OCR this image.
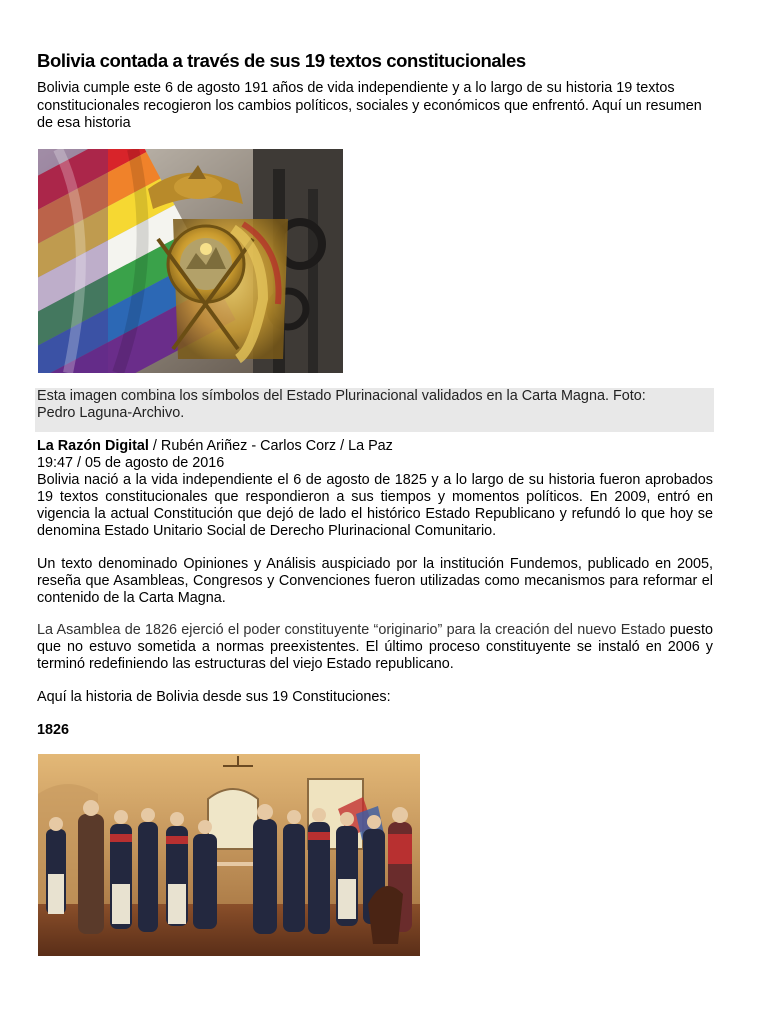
Bolivia contada a través de sus 19 textos constitucionales

Bolivia cumple este 6 de agosto 191 años de vida independiente y a lo largo de su historia 19 textos constitucionales recogieron los cambios políticos, sociales y económicos que enfrentó. Aquí un resumen de esa historia

Esta imagen combina los símbolos del Estado Plurinacional validados en la Carta Magna. Foto:
Pedro Laguna-Archivo.
La Razón Digital / Rubén Ariñez - Carlos Corz / La Paz
19:47 / 05 de agosto de 2016

Bolivia nació a la vida independiente el 6 de agosto de 1825 y a lo largo de su historia fueron aprobados 19 textos constitucionales que respondieron a sus tiempos y momentos políticos. En 2009, entró en vigencia la actual Constitución que dejó de lado el histórico Estado Republicano y refundó lo que hoy se denomina Estado Unitario Social de Derecho Plurinacional Comunitario.

Un texto denominado Opiniones y Análisis auspiciado por la institución Fundemos, publicado en 2005, reseña que Asambleas, Congresos y Convenciones fueron utilizadas como mecanismos para reformar el contenido de la Carta Magna.

La Asamblea de 1826 ejerció el poder constituyente “originario” para la creación del nuevo Estado puesto que no estuvo sometida a normas preexistentes. El último proceso constituyente se instaló en 2006 y terminó redefiniendo las estructuras del viejo Estado republicano.

Aquí la historia de Bolivia desde sus 19 Constituciones:

1826
